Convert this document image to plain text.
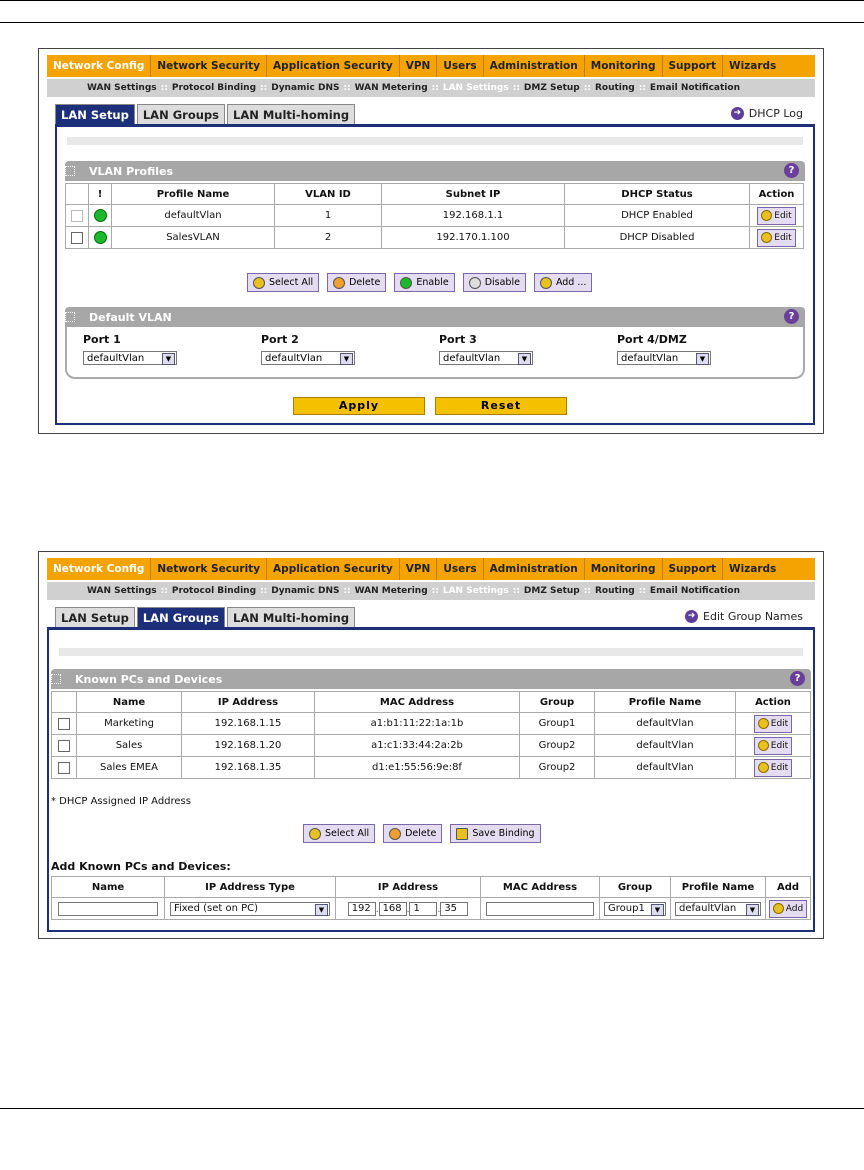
Network Config	Network Security	Application Security	VPN	Users	Administration	Monitoring	Support	Wizards
WAN Settings :: Protocol Binding :: Dynamic DNS :: WAN Metering :: LAN Settings :: DMZ Setup :: Routing :: Email Notification
LAN Setup	LAN Groups	LAN Multi-homing	➜ DHCP Log
VLAN Profiles	?
	!	Profile Name	VLAN ID	Subnet IP	DHCP Status	Action
		defaultVlan	1	192.168.1.1	DHCP Enabled	Edit

		SalesVLAN	2	192.170.1.100	DHCP Disabled	Edit
Select All	Delete	Enable	Disable	Add ...
Default VLAN	?
Port 1
defaultVlan	▼
Port 2
defaultVlan	▼
Port 3
defaultVlan	▼
Port 4/DMZ
defaultVlan	▼
Apply	Reset
Network Config	Network Security	Application Security	VPN	Users	Administration	Monitoring	Support	Wizards
WAN Settings :: Protocol Binding :: Dynamic DNS :: WAN Metering :: LAN Settings :: DMZ Setup :: Routing :: Email Notification
LAN Setup	LAN Groups	LAN Multi-homing	➜ Edit Group Names
Known PCs and Devices	?
	Name	IP Address	MAC Address	Group	Profile Name	Action
	Marketing	192.168.1.15	a1:b1:11:22:1a:1b	Group1	defaultVlan	Edit

	Sales	192.168.1.20	a1:c1:33:44:2a:2b	Group2	defaultVlan	Edit

	Sales EMEA	192.168.1.35	d1:e1:55:56:9e:8f	Group2	defaultVlan	Edit
* DHCP Assigned IP Address
Select All	Delete	Save Binding
Add Known PCs and Devices:
Name	IP Address Type	IP Address	MAC Address	Group	Profile Name	Add
	Fixed (set on PC) ▼	192 . 168 . 1 . 35		Group1 ▼	defaultVlan ▼	Add
